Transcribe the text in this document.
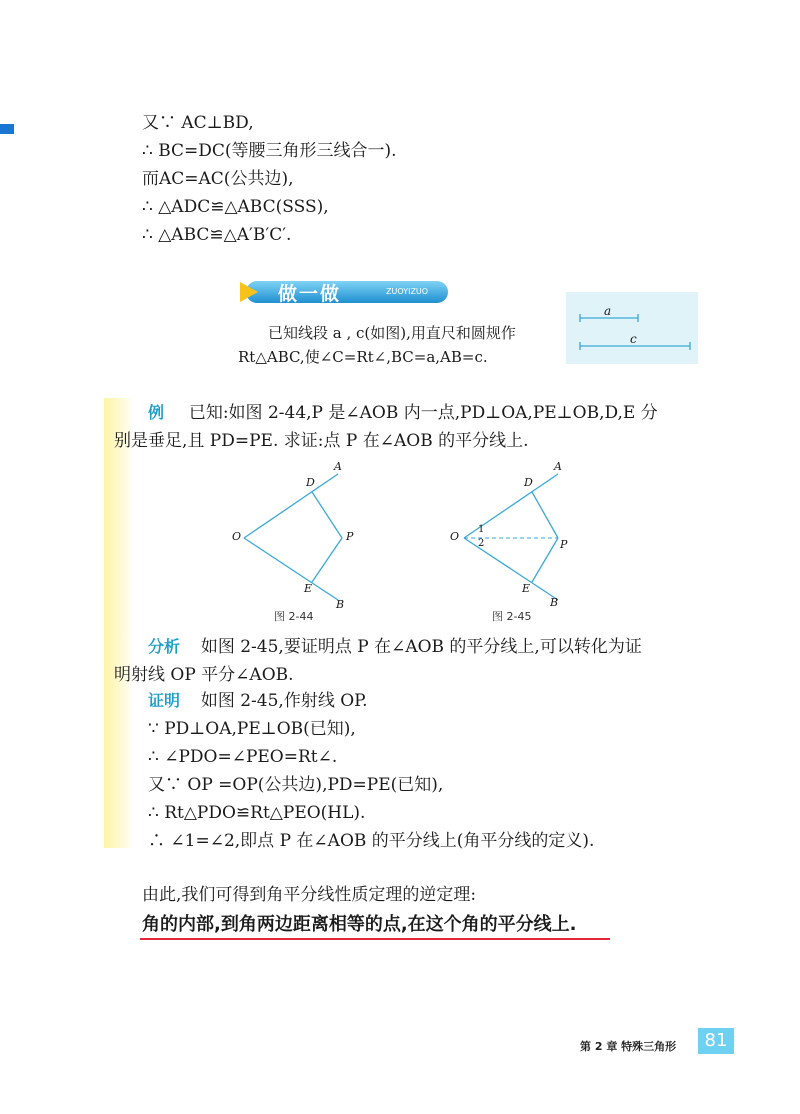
又∵ AC⊥BD,
∴ BC=DC(等腰三角形三线合一).
而AC=AC(公共边),
∴ △ADC≌△ABC(SSS),
∴ △ABC≌△A′B′C′.
做一做	ZUOYIZUO
已知线段 a , c(如图),用直尺和圆规作
Rt△ABC,使∠C=Rt∠,BC=a,AB=c.
a
c
例 已知:如图 2-44,P 是∠AOB 内一点,PD⊥OA,PE⊥OB,D,E 分
别是垂足,且 PD=PE. 求证:点 P 在∠AOB 的平分线上.
A
D
O	P
E
B
图 2-44
A
D
O
1
2	P
E
B
图 2-45
分析 如图 2-45,要证明点 P 在∠AOB 的平分线上,可以转化为证
明射线 OP 平分∠AOB.
证明 如图 2-45,作射线 OP.
∵ PD⊥OA,PE⊥OB(已知),
∴ ∠PDO=∠PEO=Rt∠.
又∵ OP =OP(公共边),PD=PE(已知),
∴ Rt△PDO≌Rt△PEO(HL).
∴ ∠1=∠2,即点 P 在∠AOB 的平分线上(角平分线的定义).
由此,我们可得到角平分线性质定理的逆定理:
角的内部,到角两边距离相等的点,在这个角的平分线上.
第 2 章 特殊三角形	81
